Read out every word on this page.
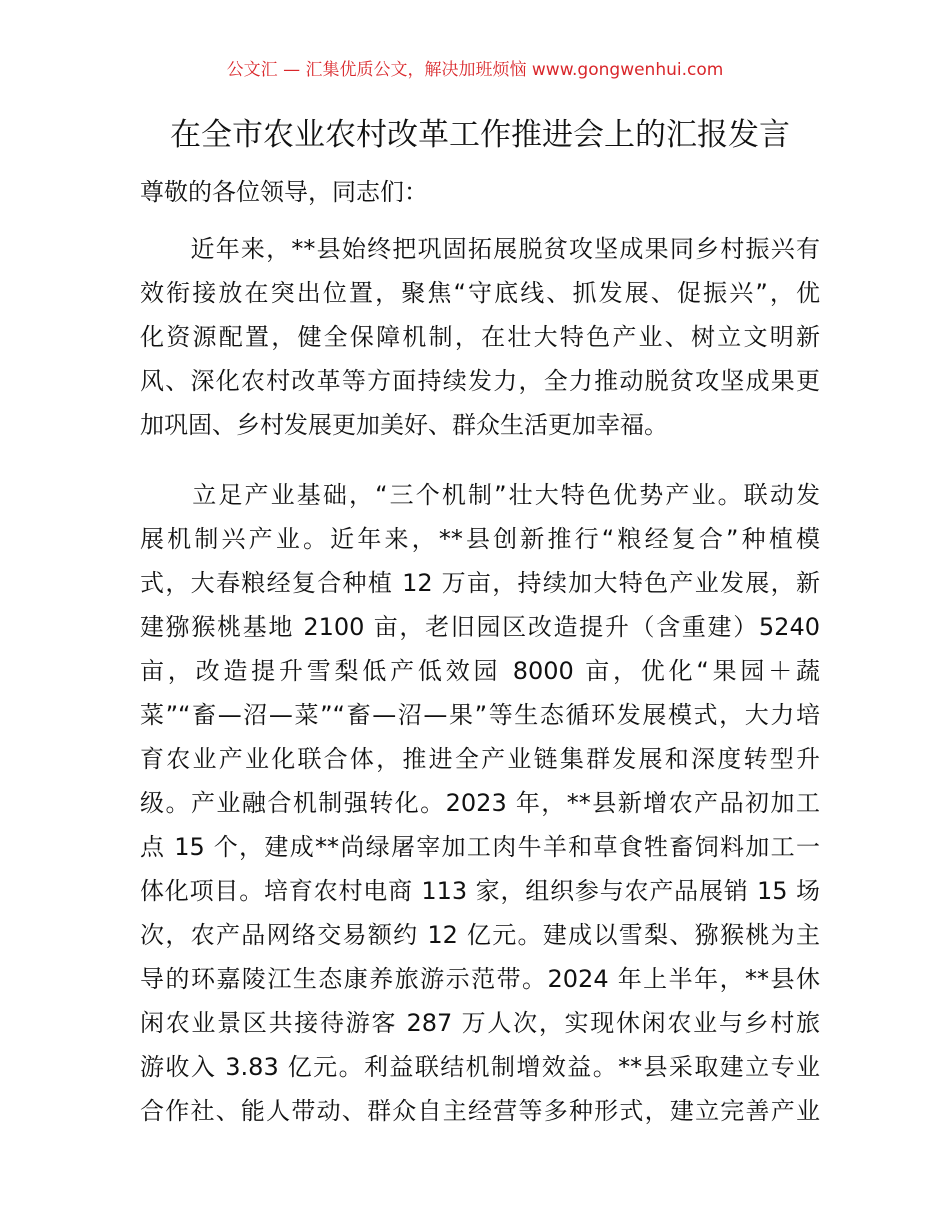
公文汇 — 汇集优质公文，解决加班烦恼 www.gongwenhui.com
在全市农业农村改革工作推进会上的汇报发言
尊敬的各位领导，同志们：
　　近年来，**县始终把巩固拓展脱贫攻坚成果同乡村振兴有
效衔接放在突出位置，聚焦“守底线、抓发展、促振兴”，优
化资源配置，健全保障机制，在壮大特色产业、树立文明新
风、深化农村改革等方面持续发力，全力推动脱贫攻坚成果更
加巩固、乡村发展更加美好、群众生活更加幸福。
　　立足产业基础，“三个机制”壮大特色优势产业。联动发
展机制兴产业。近年来，**县创新推行“粮经复合”种植模
式，大春粮经复合种植 12 万亩，持续加大特色产业发展，新
建猕猴桃基地 2100 亩，老旧园区改造提升（含重建）5240
亩，改造提升雪梨低产低效园 8000 亩，优化“果园＋蔬
菜”“畜—沼—菜”“畜—沼—果”等生态循环发展模式，大力培
育农业产业化联合体，推进全产业链集群发展和深度转型升
级。产业融合机制强转化。2023 年，**县新增农产品初加工
点 15 个，建成**尚绿屠宰加工肉牛羊和草食牲畜饲料加工一
体化项目。培育农村电商 113 家，组织参与农产品展销 15 场
次，农产品网络交易额约 12 亿元。建成以雪梨、猕猴桃为主
导的环嘉陵江生态康养旅游示范带。2024 年上半年，**县休
闲农业景区共接待游客 287 万人次，实现休闲农业与乡村旅
游收入 3.83 亿元。利益联结机制增效益。**县采取建立专业
合作社、能人带动、群众自主经营等多种形式，建立完善产业
